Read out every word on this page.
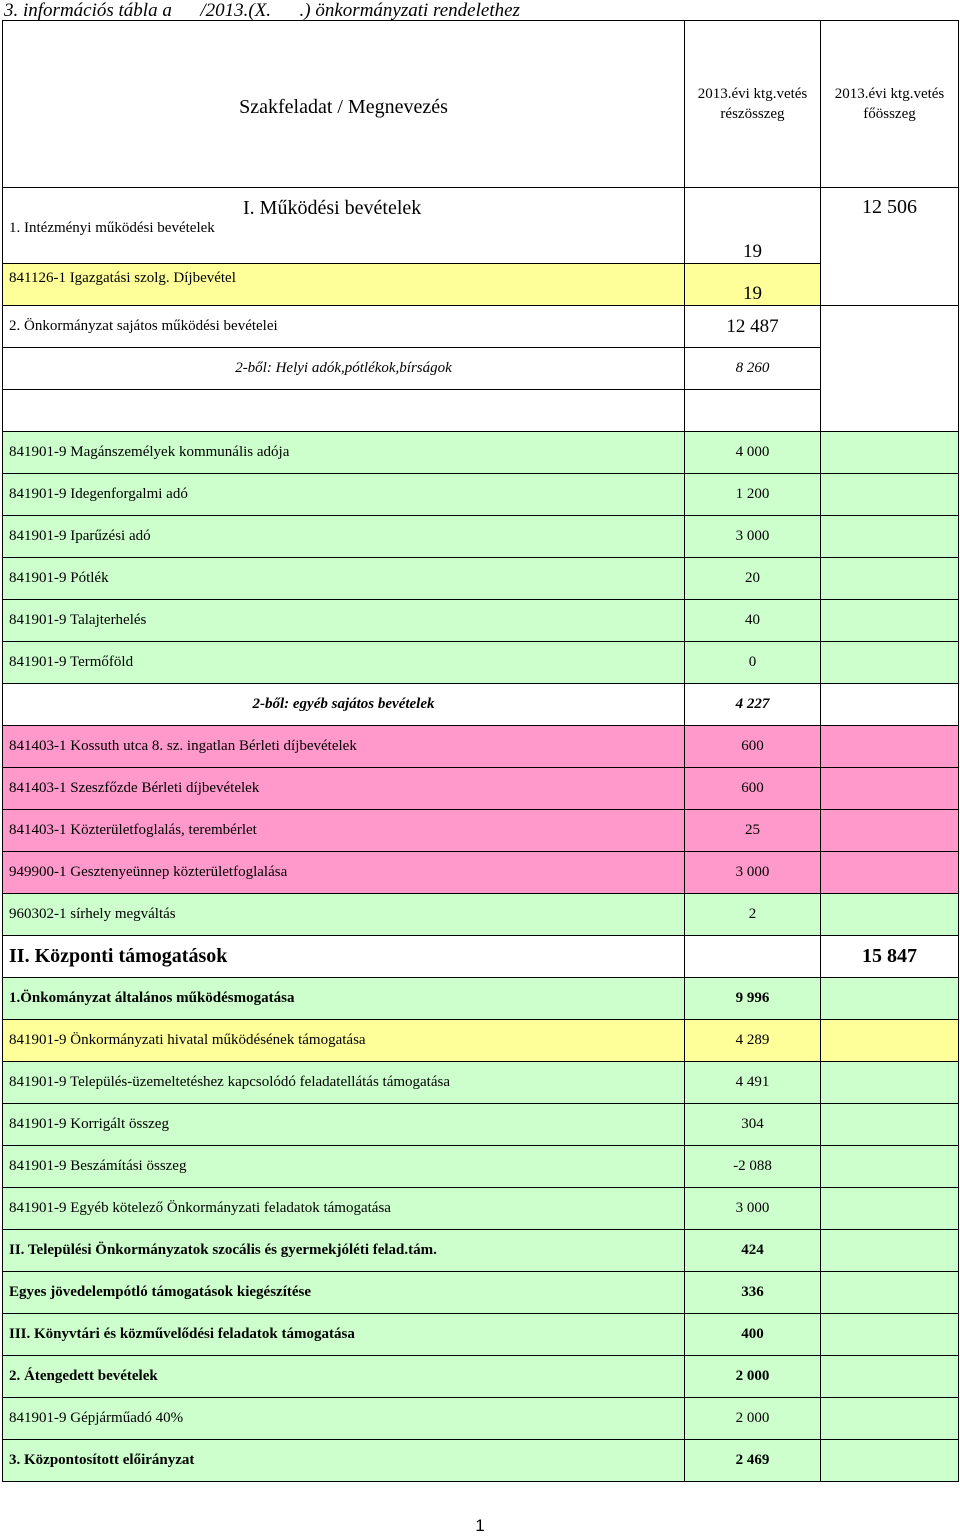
3. információs tábla a      /2013.(X.      .) önkormányzati rendelethez
Szakfeladat / Megnevezés	2013.évi ktg.vetés részösszeg	2013.évi ktg.vetés főösszeg
I. Működési bevételek		12 506
1. Intézményi működési bevételek	19	
841126-1 Igazgatási szolg. Díjbevétel	19	
2. Önkormányzat sajátos működési bevételei	12 487	
2-ből: Helyi adók,pótlékok,bírságok	8 260	

841901-9 Magánszemélyek kommunális adója	4 000	
841901-9 Idegenforgalmi adó	1 200	
841901-9 Iparűzési adó	3 000	
841901-9 Pótlék	20	
841901-9 Talajterhelés	40	
841901-9 Termőföld	0	
2-ből: egyéb sajátos bevételek	4 227	
841403-1 Kossuth utca 8. sz. ingatlan Bérleti díjbevételek	600	
841403-1 Szeszfőzde Bérleti díjbevételek	600	
841403-1 Közterületfoglalás, terembérlet	25	
949900-1 Gesztenyeünnep közterületfoglalása	3 000	
960302-1 sírhely megváltás	2	
II. Központi támogatások		15 847
1.Önkományzat általános működésmogatása	9 996	
841901-9 Önkormányzati hivatal működésének támogatása	4 289	
841901-9 Település-üzemeltetéshez kapcsolódó feladatellátás támogatása	4 491	
841901-9 Korrigált összeg	304	
841901-9 Beszámítási összeg	-2 088	
841901-9 Egyéb kötelező Önkormányzati feladatok támogatása	3 000	
II. Települési Önkormányzatok szocális és gyermekjóléti felad.tám.	424	
Egyes jövedelempótló támogatások kiegészítése	336	
III. Könyvtári és közművelődési feladatok támogatása	400	
2. Átengedett bevételek	2 000	
841901-9 Gépjárműadó 40%	2 000	
3. Központosított előirányzat	2 469	
1
